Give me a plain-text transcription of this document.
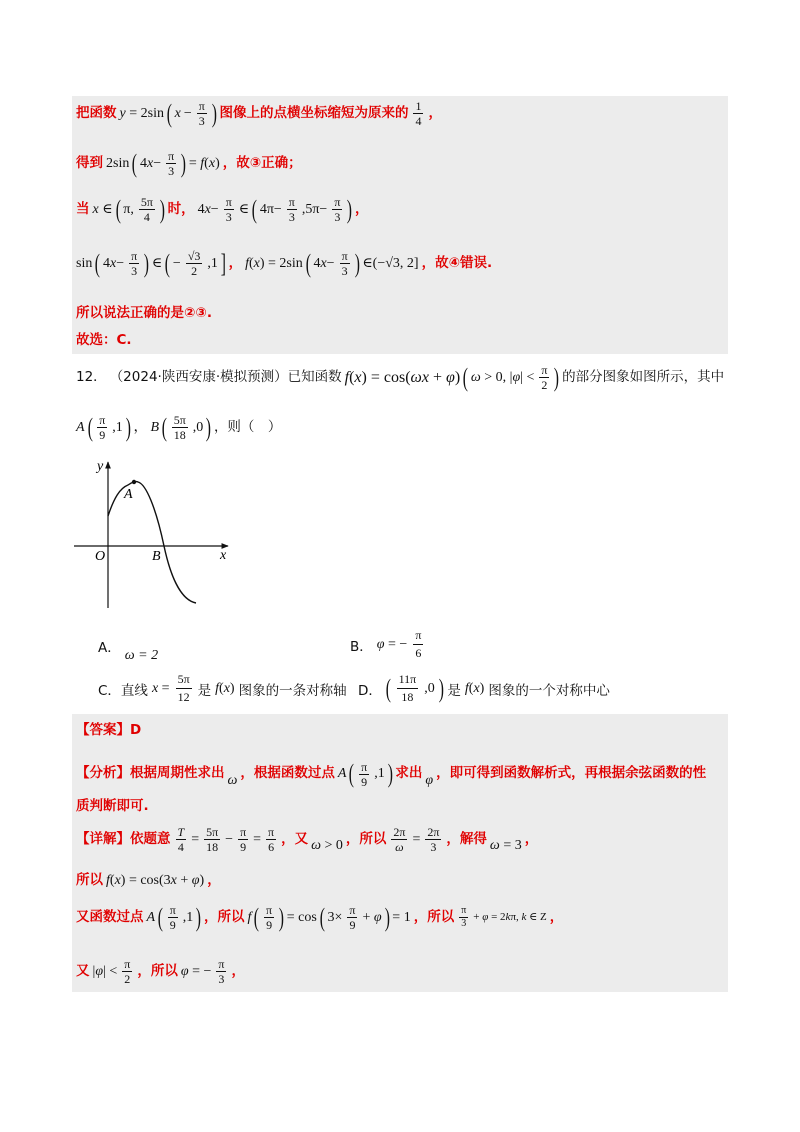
把函数 y = 2sin ( $x - \frac{\pi}{3}$ ) 图像上的点横坐标缩短为原来的 $\frac{1}{4}$ ，
得到 2sin ( $4x- \frac{\pi}{3}$ ) = f(x) ，故③正确；
当 x ∈ ( π, $\frac{5\pi}{4}$ ) 时， $4x- \frac{\pi}{3}$ ∈ ( $4\pi- \frac{\pi}{3} ,5\pi- \frac{\pi}{3}$ ) ，
sin ( $4x- \frac{\pi}{3}$ ) ∈ ( − $\frac{√3}{2} ,1$ ] ， f(x) = 2sin ( $4x- \frac{\pi}{3}$ ) ∈(−√3, 2] ，故④错误.
所以说法正确的是②③.
故选：C.
12． （2024·陕西安康·模拟预测）已知函数 f(x) = cos(ωx + φ) ( ω > 0, $|\varphi| < \frac{\pi}{2}$ ) 的部分图象如图所示，其中
A ( $\frac{\pi}{9} ,1$ ) ， B ( $\frac{5\pi}{18} ,0$ ) ，则（　）
y
x
O
A
B
A． ω = 2
B． φ = − $\frac{\pi}{6}$
C．直线 $x = \frac{5\pi}{12}$ 是 f(x) 图象的一条对称轴 D． ( $\frac{11\pi}{18} ,0$ ) 是 f(x) 图象的一个对称中心
【答案】D
【分析】根据周期性求出 ω ，根据函数过点 A ( $\frac{\pi}{9} ,1$ ) 求出 φ ，即可得到函数解析式，再根据余弦函数的性
质判断即可.
【详解】依题意 $\frac{T}{4} = \frac{5\pi}{18} - \frac{\pi}{9} = \frac{\pi}{6}$ ，又 ω > 0 ，所以 $\frac{2\pi}{\omega} = \frac{2\pi}{3}$ ，解得 ω = 3 ，
所以 f(x) = cos(3x + φ) ，
又函数过点 A ( $\frac{\pi}{9} ,1$ ) ，所以 f ( $\frac{\pi}{9}$ ) = cos ( $3\times \frac{\pi}{9} + \varphi$ ) = 1 ，所以 $\frac{\pi}{3} + \varphi = 2k\pi$, k ∈ Z ，
又 $|\varphi| < \frac{\pi}{2}$ ，所以 φ = − $\frac{\pi}{3}$ ，
